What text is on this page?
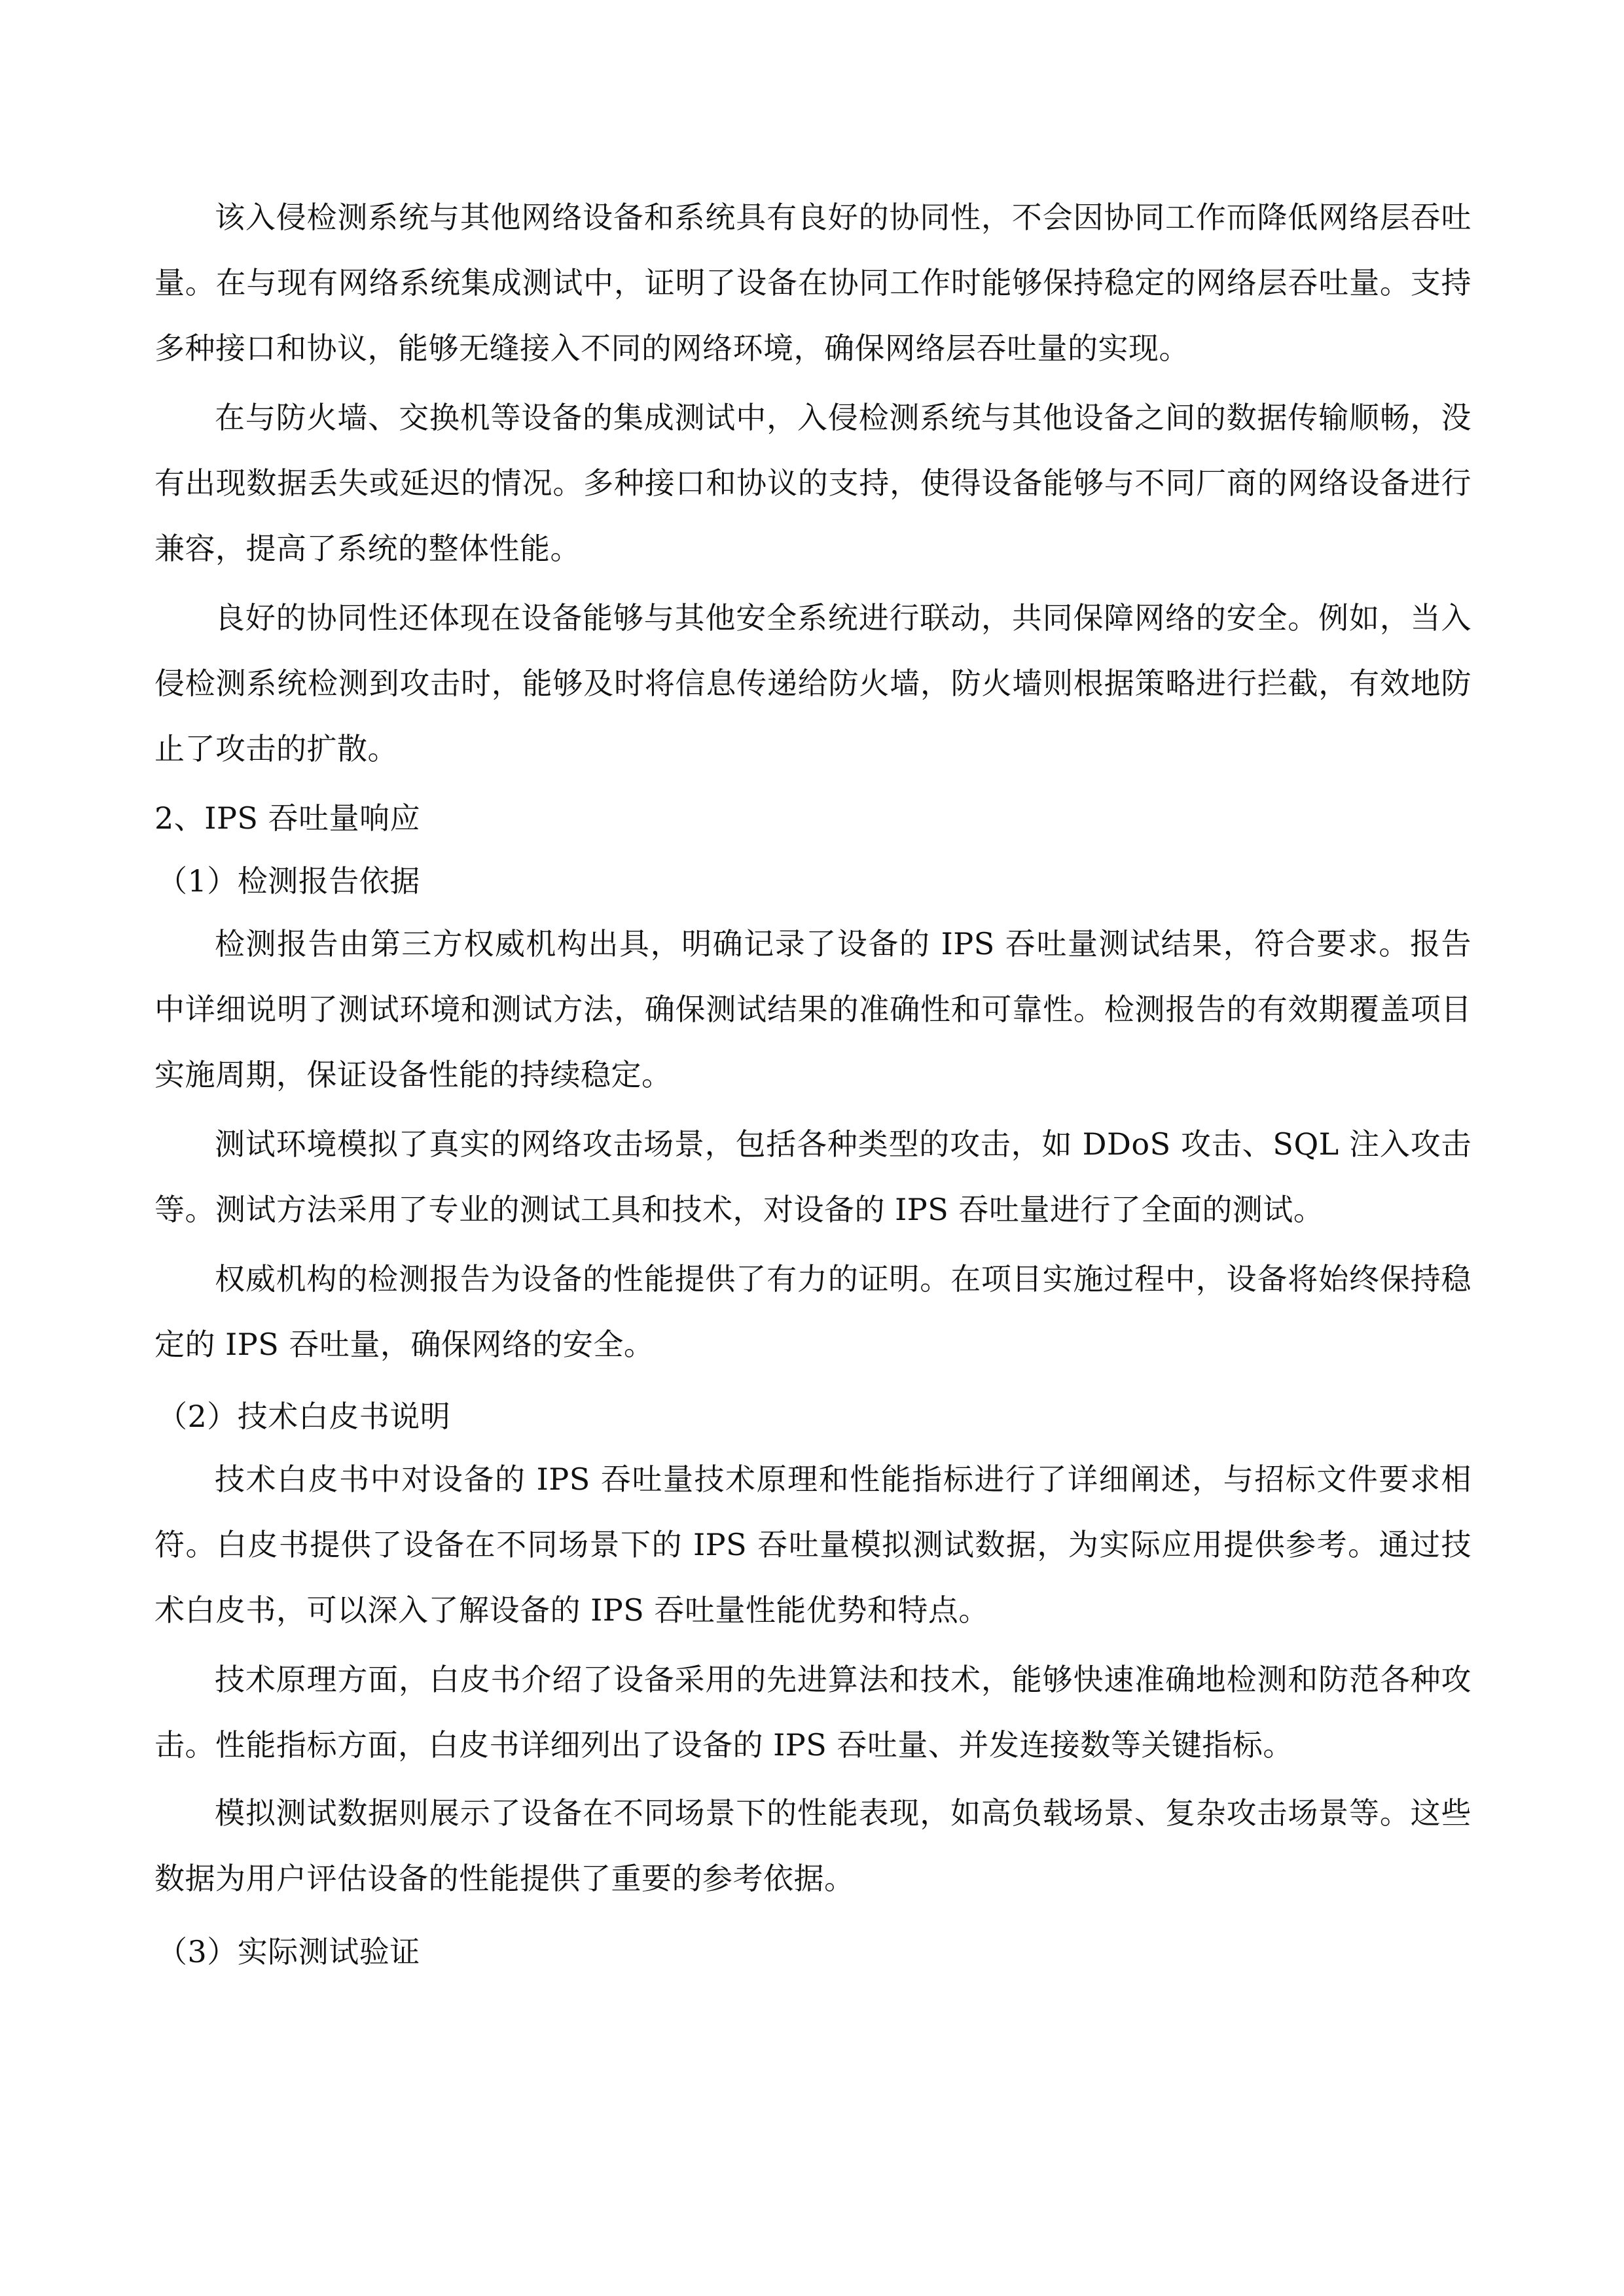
该入侵检测系统与其他网络设备和系统具有良好的协同性，不会因协同工作而降低网络层吞吐量。在与现有网络系统集成测试中，证明了设备在协同工作时能够保持稳定的网络层吞吐量。支持多种接口和协议，能够无缝接入不同的网络环境，确保网络层吞吐量的实现。

在与防火墙、交换机等设备的集成测试中，入侵检测系统与其他设备之间的数据传输顺畅，没有出现数据丢失或延迟的情况。多种接口和协议的支持，使得设备能够与不同厂商的网络设备进行兼容，提高了系统的整体性能。

良好的协同性还体现在设备能够与其他安全系统进行联动，共同保障网络的安全。例如，当入侵检测系统检测到攻击时，能够及时将信息传递给防火墙，防火墙则根据策略进行拦截，有效地防止了攻击的扩散。

2、IPS 吞吐量响应

（1）检测报告依据

检测报告由第三方权威机构出具，明确记录了设备的 IPS 吞吐量测试结果，符合要求。报告中详细说明了测试环境和测试方法，确保测试结果的准确性和可靠性。检测报告的有效期覆盖项目实施周期，保证设备性能的持续稳定。

测试环境模拟了真实的网络攻击场景，包括各种类型的攻击，如 DDoS 攻击、SQL 注入攻击等。测试方法采用了专业的测试工具和技术，对设备的 IPS 吞吐量进行了全面的测试。

权威机构的检测报告为设备的性能提供了有力的证明。在项目实施过程中，设备将始终保持稳定的 IPS 吞吐量，确保网络的安全。

（2）技术白皮书说明

技术白皮书中对设备的 IPS 吞吐量技术原理和性能指标进行了详细阐述，与招标文件要求相符。白皮书提供了设备在不同场景下的 IPS 吞吐量模拟测试数据，为实际应用提供参考。通过技术白皮书，可以深入了解设备的 IPS 吞吐量性能优势和特点。

技术原理方面，白皮书介绍了设备采用的先进算法和技术，能够快速准确地检测和防范各种攻击。性能指标方面，白皮书详细列出了设备的 IPS 吞吐量、并发连接数等关键指标。

模拟测试数据则展示了设备在不同场景下的性能表现，如高负载场景、复杂攻击场景等。这些数据为用户评估设备的性能提供了重要的参考依据。

（3）实际测试验证
